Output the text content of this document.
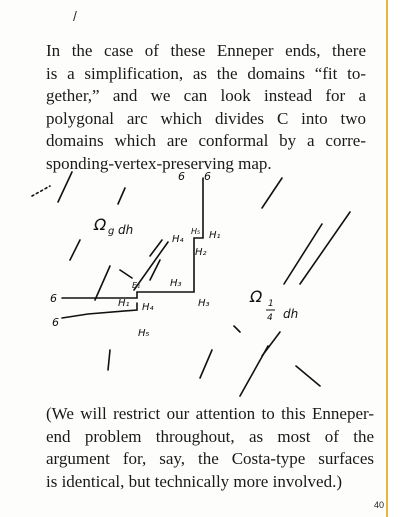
/
In the case of these Enneper ends, there
is a simplification, as the domains “fit to-
gether,” and we can look instead for a
polygonal arc which divides C into two
domains which are conformal by a corre-
sponding-vertex-preserving map.
6 6
Ω g dh
H₄
H₅ H₁
H₂
H₃
E₁
H₁ H₄	H₃
H₅
6
6
Ω 1
4 dh
(We will restrict our attention to this Enneper-
end problem throughout, as most of the
argument for, say, the Costa-type surfaces
is identical, but technically more involved.)
40
